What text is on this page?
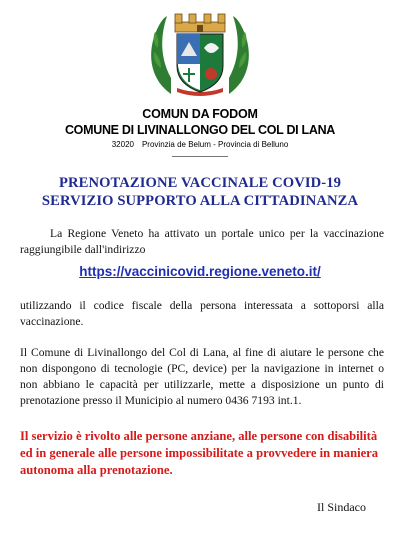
COMUN DA FODOM
COMUNE DI LIVINALLONGO DEL COL DI LANA
32020 Provinzia de Belum - Provincia di Belluno
PRENOTAZIONE VACCINALE COVID-19
SERVIZIO SUPPORTO ALLA CITTADINANZA

La Regione Veneto ha attivato un portale unico per la vaccinazione raggiungibile dall'indirizzo

https://vaccinicovid.regione.veneto.it/

utilizzando il codice fiscale della persona interessata a sottoporsi alla vaccinazione.

Il Comune di Livinallongo del Col di Lana, al fine di aiutare le persone che non dispongono di tecnologie (PC, device) per la navigazione in internet o non abbiano le capacità per utilizzarle, mette a disposizione un punto di prenotazione presso il Municipio al numero 0436 7193 int.1.

Il servizio è rivolto alle persone anziane, alle persone con disabilità ed in generale alle persone impossibilitate a provvedere in maniera autonoma alla prenotazione.

Il Sindaco
